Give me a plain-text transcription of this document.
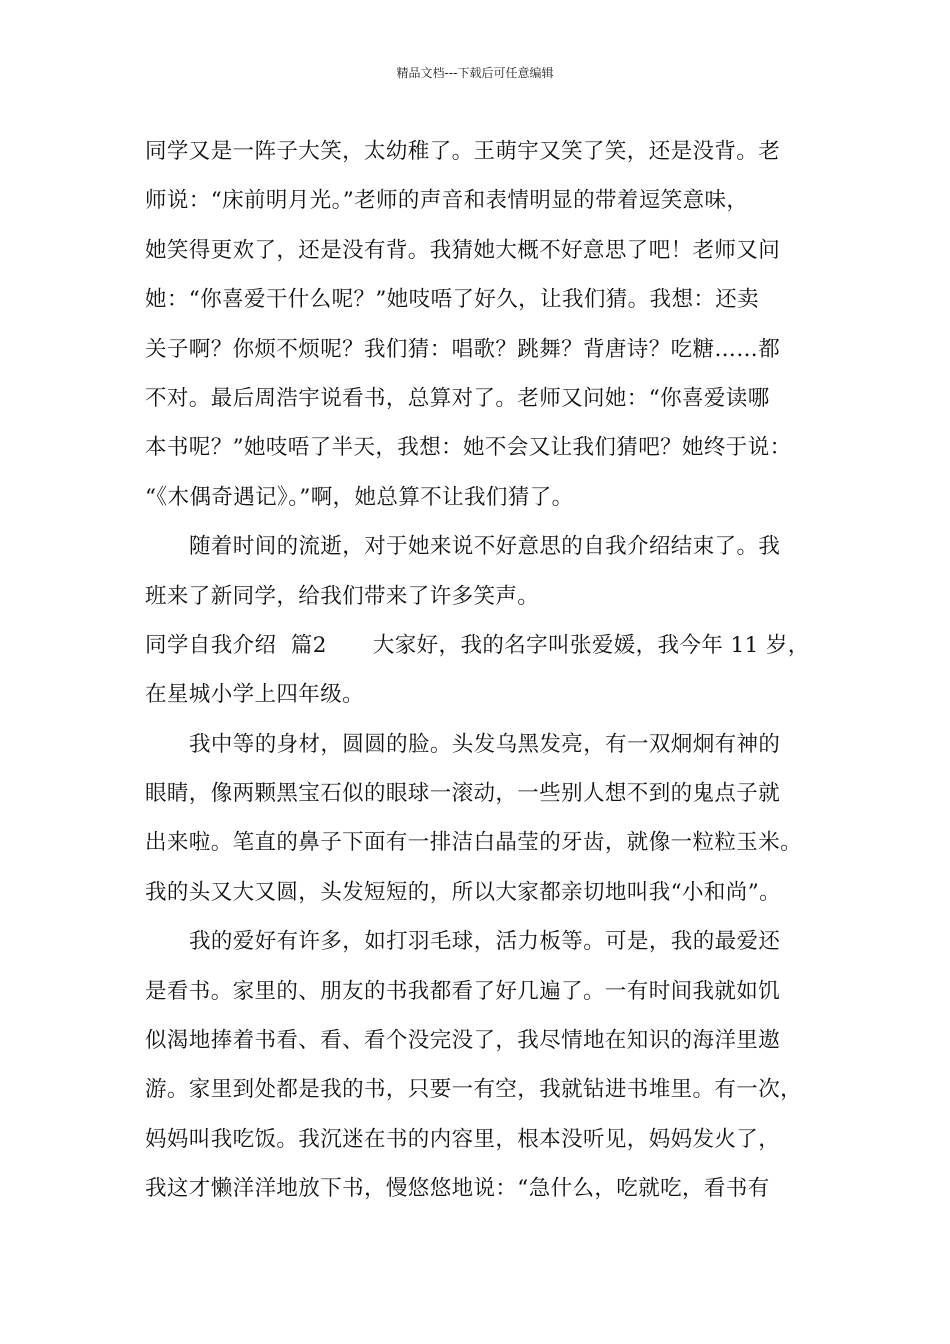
精品文档---下载后可任意编辑
同学又是一阵子大笑，太幼稚了。王萌宇又笑了笑，还是没背。老
师说：“床前明月光。”老师的声音和表情明显的带着逗笑意味，
她笑得更欢了，还是没有背。我猜她大概不好意思了吧！老师又问
她：“你喜爱干什么呢？”她吱唔了好久，让我们猜。我想：还卖
关子啊？你烦不烦呢？我们猜：唱歌？跳舞？背唐诗？吃糖……都
不对。最后周浩宇说看书，总算对了。老师又问她：“你喜爱读哪
本书呢？”她吱唔了半天，我想：她不会又让我们猜吧？她终于说：
“《木偶奇遇记》。”啊，她总算不让我们猜了。
随着时间的流逝，对于她来说不好意思的自我介绍结束了。我
班来了新同学，给我们带来了许多笑声。
同学自我介绍  篇2 大家好，我的名字叫张爱媛，我今年 11 岁，
在星城小学上四年级。
我中等的身材，圆圆的脸。头发乌黑发亮，有一双炯炯有神的
眼睛，像两颗黑宝石似的眼球一滚动，一些别人想不到的鬼点子就
出来啦。笔直的鼻子下面有一排洁白晶莹的牙齿，就像一粒粒玉米。
我的头又大又圆，头发短短的，所以大家都亲切地叫我“小和尚”。
我的爱好有许多，如打羽毛球，活力板等。可是，我的最爱还
是看书。家里的、朋友的书我都看了好几遍了。一有时间我就如饥
似渴地捧着书看、看、看个没完没了，我尽情地在知识的海洋里遨
游。家里到处都是我的书，只要一有空，我就钻进书堆里。有一次，
妈妈叫我吃饭。我沉迷在书的内容里，根本没听见，妈妈发火了，
我这才懒洋洋地放下书，慢悠悠地说：“急什么，吃就吃，看书有
